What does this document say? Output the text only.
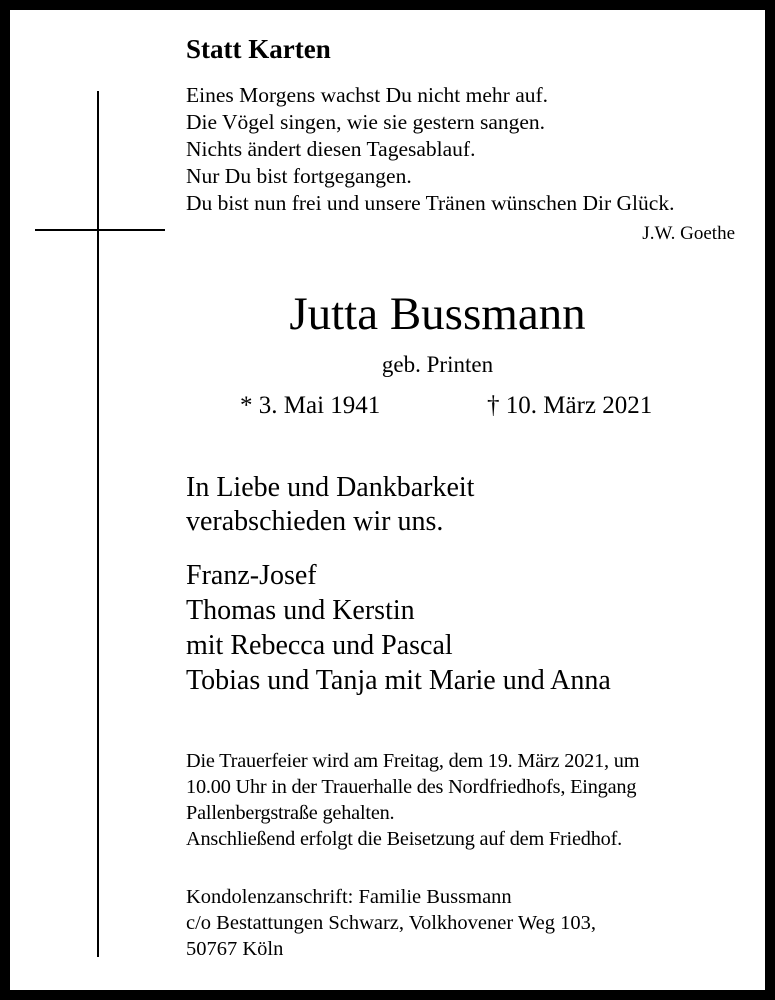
Statt Karten
Eines Morgens wachst Du nicht mehr auf.
Die Vögel singen, wie sie gestern sangen.
Nichts ändert diesen Tagesablauf.
Nur Du bist fortgegangen.
Du bist nun frei und unsere Tränen wünschen Dir Glück.
J.W. Goethe
Jutta Bussmann
geb. Printen
* 3. Mai 1941	† 10. März 2021
In Liebe und Dankbarkeit
verabschieden wir uns.
Franz-Josef
Thomas und Kerstin
mit Rebecca und Pascal
Tobias und Tanja mit Marie und Anna
Die Trauerfeier wird am Freitag, dem 19. März 2021, um
10.00 Uhr in der Trauerhalle des Nordfriedhofs, Eingang
Pallenbergstraße gehalten.
Anschließend erfolgt die Beisetzung auf dem Friedhof.
Kondolenzanschrift: Familie Bussmann
c/o Bestattungen Schwarz, Volkhovener Weg 103,
50767 Köln
